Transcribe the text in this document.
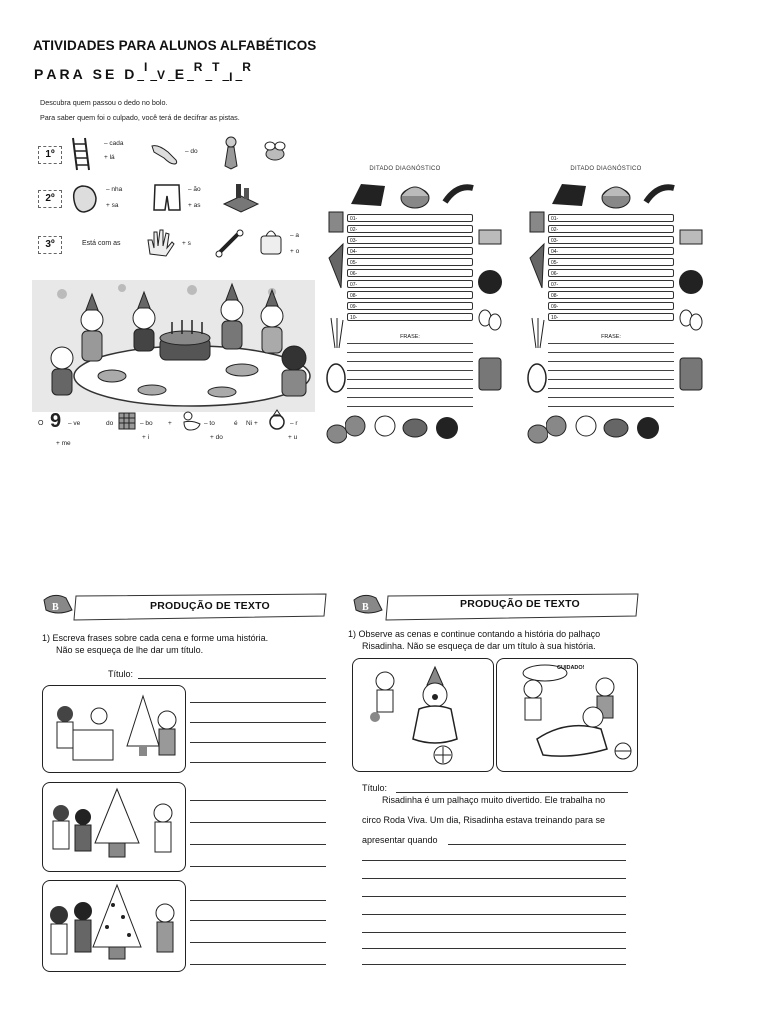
ATIVIDADES PARA ALUNOS ALFABÉTICOS
PARA SE D_I_V_E_R_T_I_R
Descubra quem passou o dedo no bolo.
Para saber quem foi o culpado, você terá de decifrar as pistas.
1º
– cada
+ lá
– do
2º
– nha
+ sa
– ão
+ as
3º	Está com as	+ s
– a
+ o
O 9 – ve
+ me
do	– bo
+ i
+	– to
+ do
é Ni +	– r
+ u
DITADO DIAGNÓSTICO
01-
02-
03-
04-
05-
06-
07-
08-
09-
10-
FRASE:
DITADO DIAGNÓSTICO
01-
02-
03-
04-
05-
06-
07-
08-
09-
10-
FRASE:
B	PRODUÇÃO DE TEXTO
1) Escreva frases sobre cada cena e forme uma história.
Não se esqueça de lhe dar um título.
Título:
B	PRODUÇÃO DE TEXTO
1) Observe as cenas e continue contando a história do palhaço
Risadinha. Não se esqueça de dar um título à sua história.
CUIDADO!
Título:
Risadinha é um palhaço muito divertido. Ele trabalha no
circo Roda Viva. Um dia, Risadinha estava treinando para se
apresentar quando
